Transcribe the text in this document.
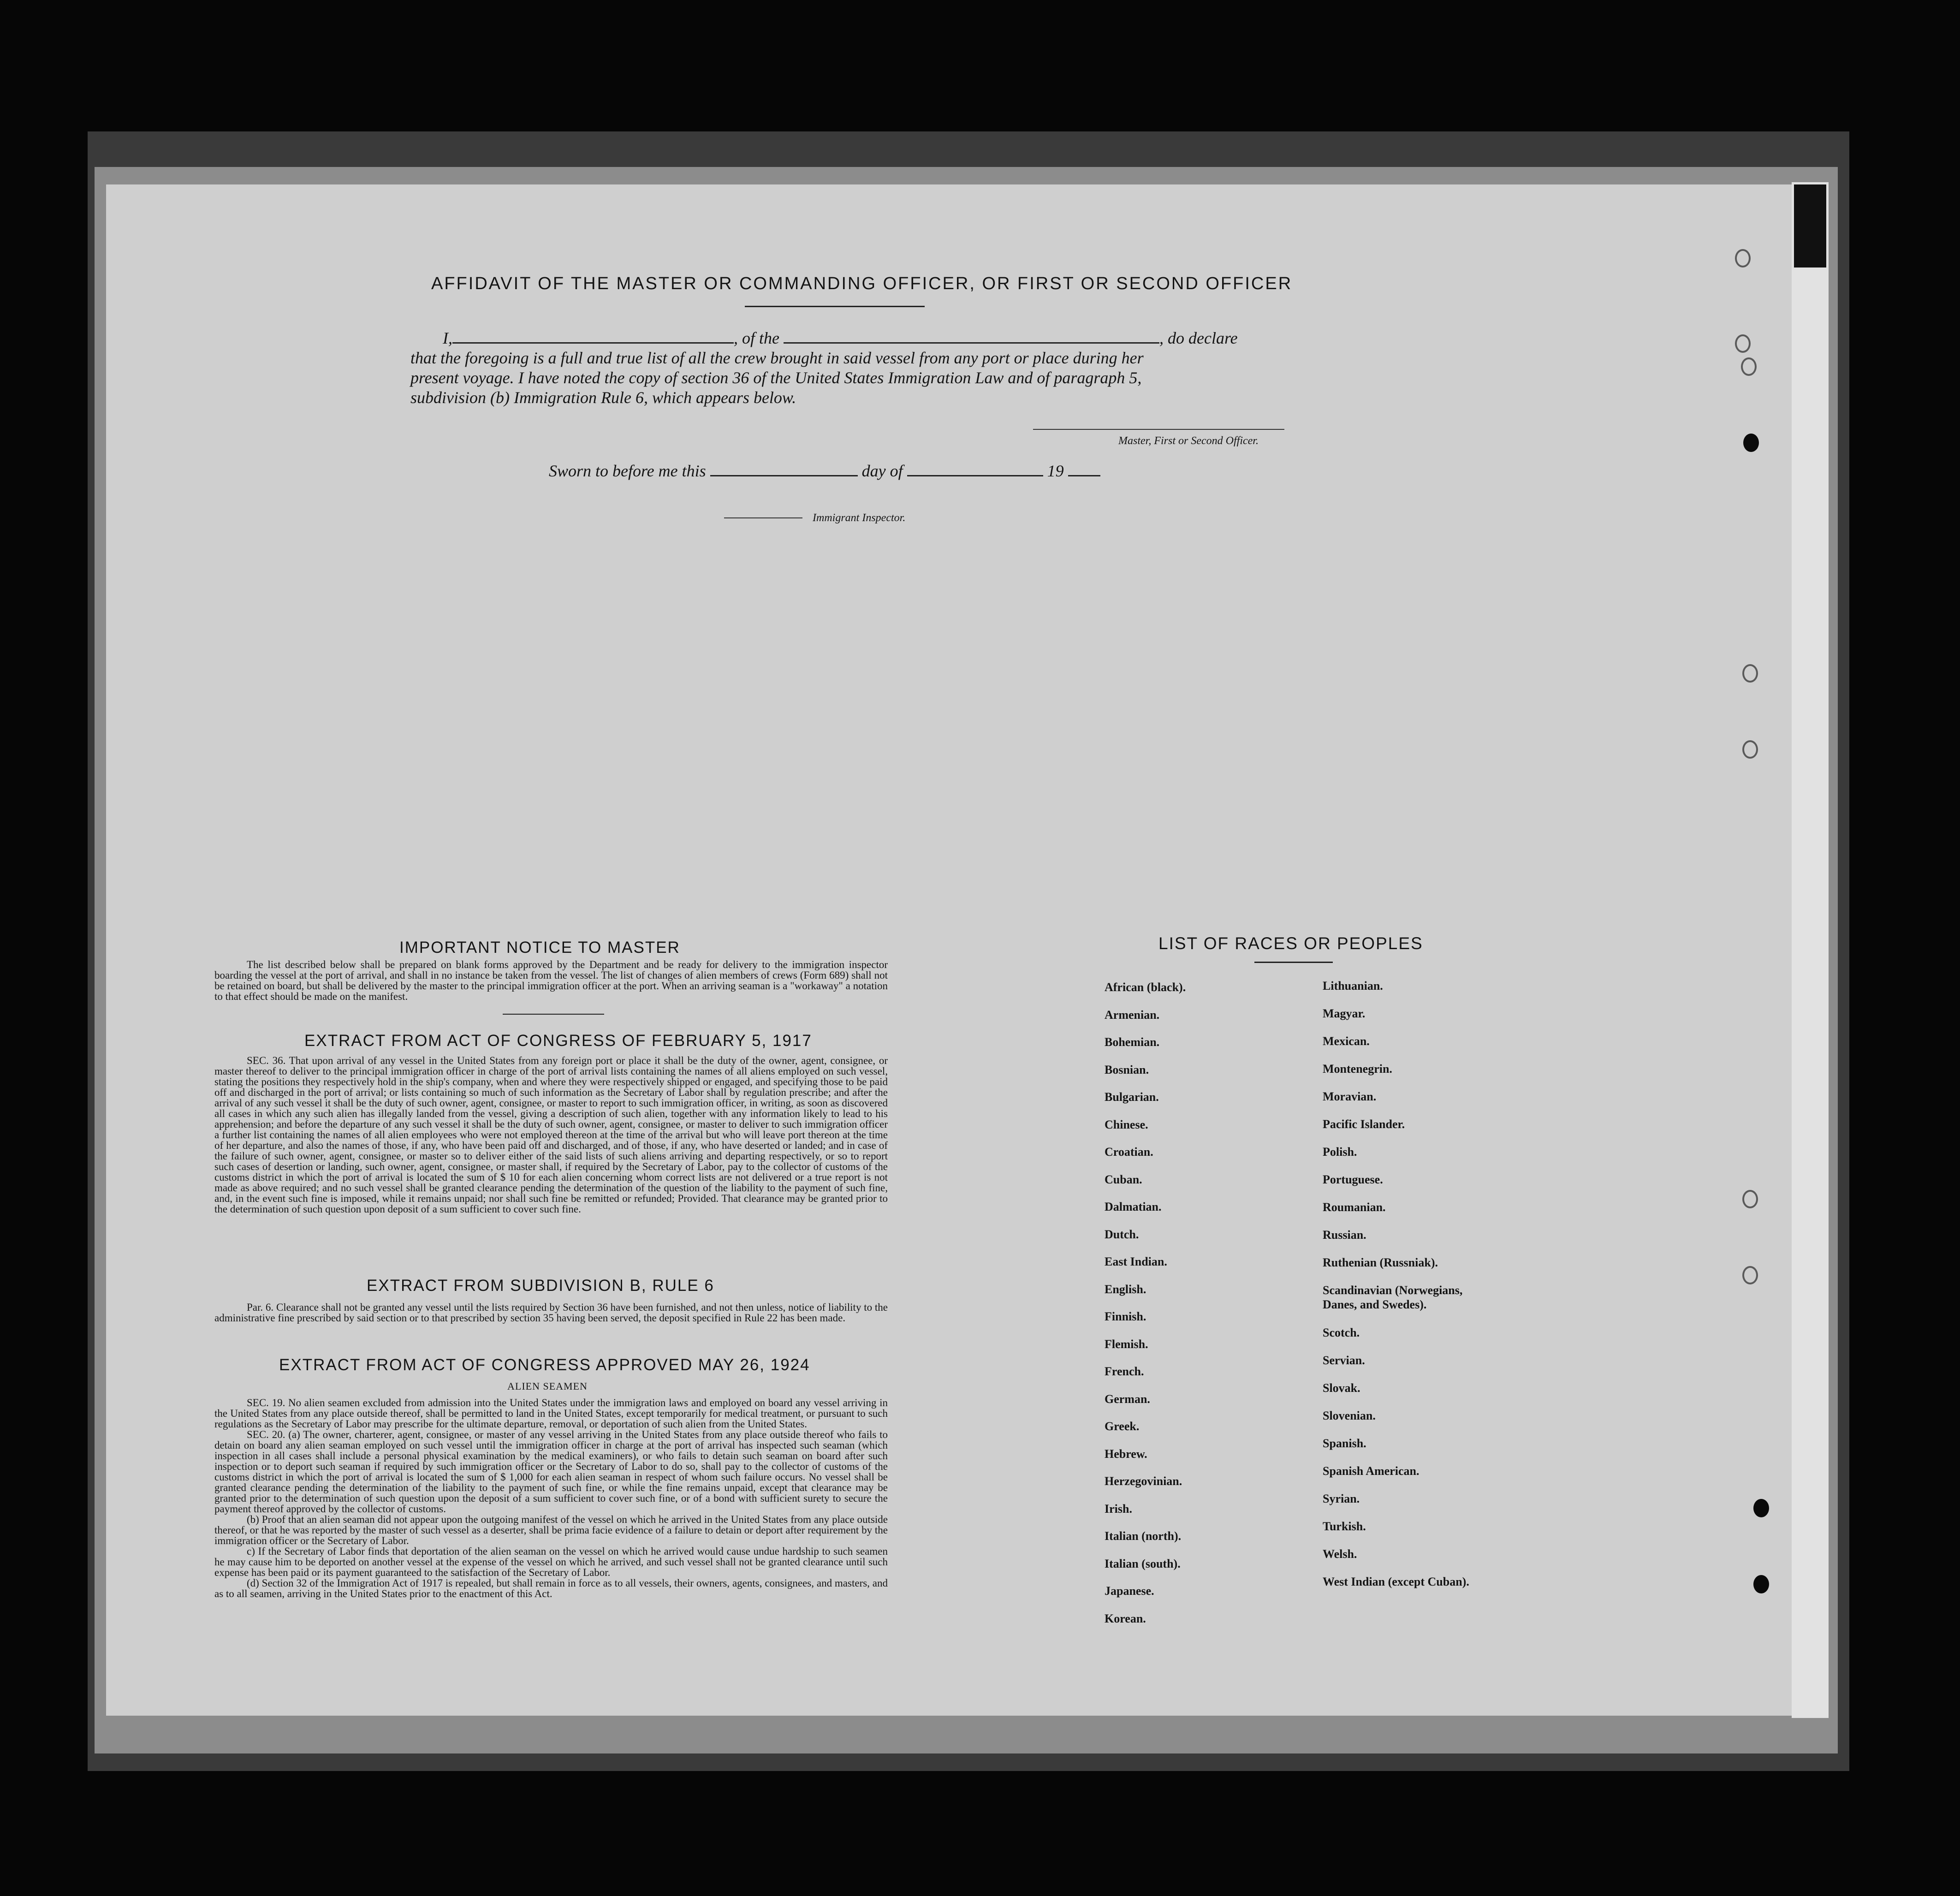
AFFIDAVIT OF THE MASTER OR COMMANDING OFFICER, OR FIRST OR SECOND OFFICER
I,	, of the	, do declare
that the foregoing is a full and true list of all the crew brought in said vessel from any port or place during her
present voyage. I have noted the copy of section 36 of the United States Immigration Law and of paragraph 5,
subdivision (b) Immigration Rule 6, which appears below.
Master, First or Second Officer.
Sworn to before me this	day of	19
Immigrant Inspector.
IMPORTANT NOTICE TO MASTER

The list described below shall be prepared on blank forms approved by the Department and be ready for delivery to the immigration inspector boarding the vessel at the port of arrival, and shall in no instance be taken from the vessel. The list of changes of alien members of crews (Form 689) shall not be retained on board, but shall be delivered by the master to the principal immigration officer at the port. When an arriving seaman is a "workaway" a notation to that effect should be made on the manifest.

EXTRACT FROM ACT OF CONGRESS OF FEBRUARY 5, 1917

SEC. 36. That upon arrival of any vessel in the United States from any foreign port or place it shall be the duty of the owner, agent, consignee, or master thereof to deliver to the principal immigration officer in charge of the port of arrival lists containing the names of all aliens employed on such vessel, stating the positions they respectively hold in the ship's company, when and where they were respectively shipped or engaged, and specifying those to be paid off and discharged in the port of arrival; or lists containing so much of such information as the Secretary of Labor shall by regulation prescribe; and after the arrival of any such vessel it shall be the duty of such owner, agent, consignee, or master to report to such immigration officer, in writing, as soon as discovered all cases in which any such alien has illegally landed from the vessel, giving a description of such alien, together with any information likely to lead to his apprehension; and before the departure of any such vessel it shall be the duty of such owner, agent, consignee, or master to deliver to such immigration officer a further list containing the names of all alien employees who were not employed thereon at the time of the arrival but who will leave port thereon at the time of her departure, and also the names of those, if any, who have been paid off and discharged, and of those, if any, who have deserted or landed; and in case of the failure of such owner, agent, consignee, or master so to deliver either of the said lists of such aliens arriving and departing respectively, or so to report such cases of desertion or landing, such owner, agent, consignee, or master shall, if required by the Secretary of Labor, pay to the collector of customs of the customs district in which the port of arrival is located the sum of $ 10 for each alien concerning whom correct lists are not delivered or a true report is not made as above required; and no such vessel shall be granted clearance pending the determination of the question of the liability to the payment of such fine, and, in the event such fine is imposed, while it remains unpaid; nor shall such fine be remitted or refunded; Provided. That clearance may be granted prior to the determination of such question upon deposit of a sum sufficient to cover such fine.

EXTRACT FROM SUBDIVISION B, RULE 6

Par. 6. Clearance shall not be granted any vessel until the lists required by Section 36 have been furnished, and not then unless, notice of liability to the administrative fine prescribed by said section or to that prescribed by section 35 having been served, the deposit specified in Rule 22 has been made.

EXTRACT FROM ACT OF CONGRESS APPROVED MAY 26, 1924
ALIEN SEAMEN

SEC. 19. No alien seamen excluded from admission into the United States under the immigration laws and employed on board any vessel arriving in the United States from any place outside thereof, shall be permitted to land in the United States, except temporarily for medical treatment, or pursuant to such regulations as the Secretary of Labor may prescribe for the ultimate departure, removal, or deportation of such alien from the United States.

SEC. 20. (a) The owner, charterer, agent, consignee, or master of any vessel arriving in the United States from any place outside thereof who fails to detain on board any alien seaman employed on such vessel until the immigration officer in charge at the port of arrival has inspected such seaman (which inspection in all cases shall include a personal physical examination by the medical examiners), or who fails to detain such seaman on board after such inspection or to deport such seaman if required by such immigration officer or the Secretary of Labor to do so, shall pay to the collector of customs of the customs district in which the port of arrival is located the sum of $ 1,000 for each alien seaman in respect of whom such failure occurs. No vessel shall be granted clearance pending the determination of the liability to the payment of such fine, or while the fine remains unpaid, except that clearance may be granted prior to the determination of such question upon the deposit of a sum sufficient to cover such fine, or of a bond with sufficient surety to secure the payment thereof approved by the collector of customs.

(b) Proof that an alien seaman did not appear upon the outgoing manifest of the vessel on which he arrived in the United States from any place outside thereof, or that he was reported by the master of such vessel as a deserter, shall be prima facie evidence of a failure to detain or deport after requirement by the immigration officer or the Secretary of Labor.

c) If the Secretary of Labor finds that deportation of the alien seaman on the vessel on which he arrived would cause undue hardship to such seamen he may cause him to be deported on another vessel at the expense of the vessel on which he arrived, and such vessel shall not be granted clearance until such expense has been paid or its payment guaranteed to the satisfaction of the Secretary of Labor.

(d) Section 32 of the Immigration Act of 1917 is repealed, but shall remain in force as to all vessels, their owners, agents, consignees, and masters, and as to all seamen, arriving in the United States prior to the enactment of this Act.

LIST OF RACES OR PEOPLES
African (black).
Armenian.
Bohemian.
Bosnian.
Bulgarian.
Chinese.
Croatian.
Cuban.
Dalmatian.
Dutch.
East Indian.
English.
Finnish.
Flemish.
French.
German.
Greek.
Hebrew.
Herzegovinian.
Irish.
Italian (north).
Italian (south).
Japanese.
Korean.
Lithuanian.
Magyar.
Mexican.
Montenegrin.
Moravian.
Pacific Islander.
Polish.
Portuguese.
Roumanian.
Russian.
Ruthenian (Russniak).
Scandinavian (Norwegians, Danes, and Swedes).
Scotch.
Servian.
Slovak.
Slovenian.
Spanish.
Spanish American.
Syrian.
Turkish.
Welsh.
West Indian (except Cuban).
